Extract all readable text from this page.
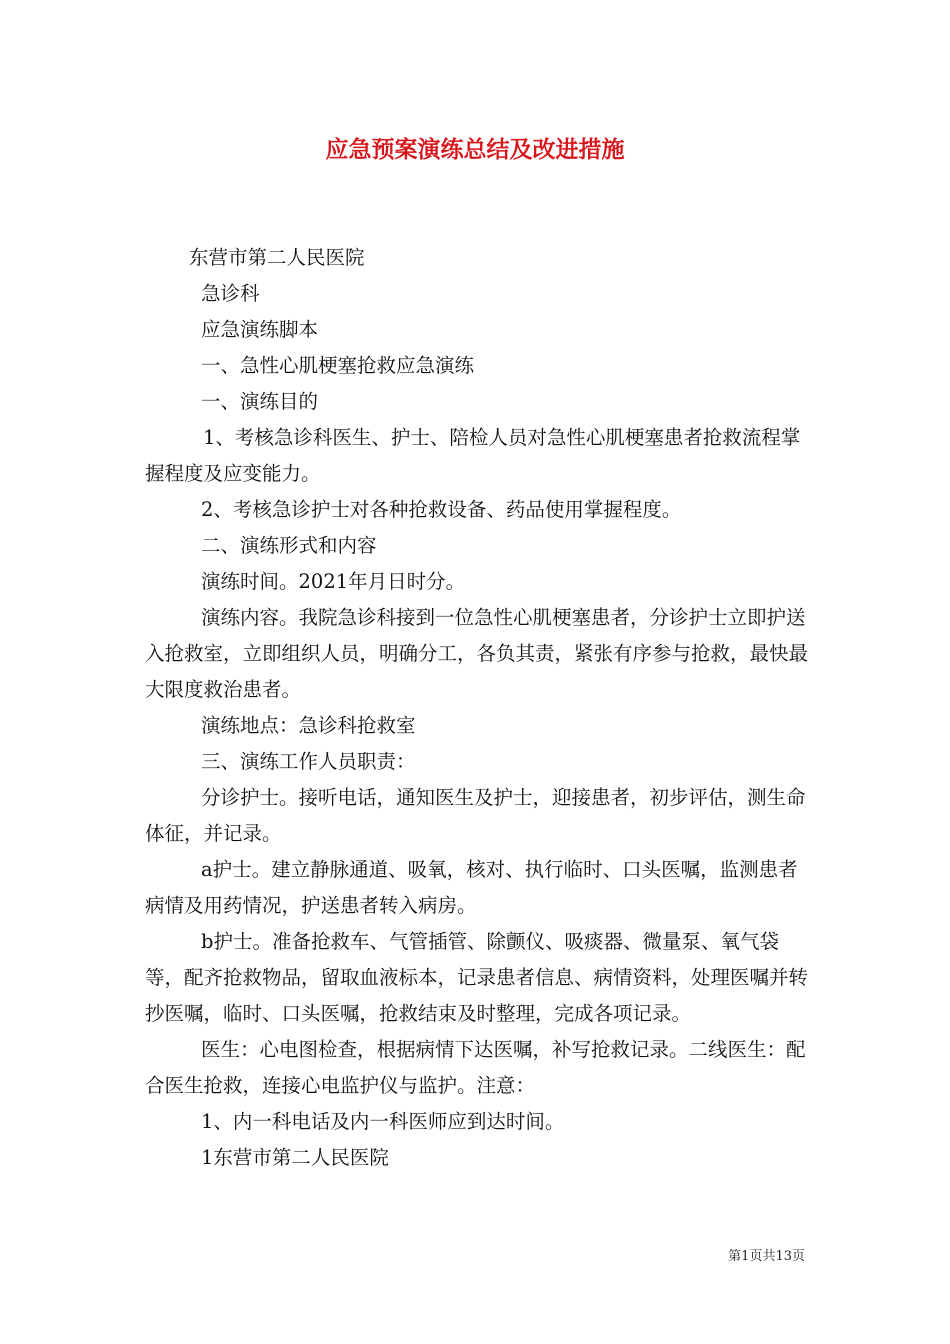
应急预案演练总结及改进措施

东营市第二人民医院

急诊科

应急演练脚本

一、急性心肌梗塞抢救应急演练

一、演练目的

1、考核急诊科医生、护士、陪检人员对急性心肌梗塞患者抢救流程掌握程度及应变能力。

2、考核急诊护士对各种抢救设备、药品使用掌握程度。

二、演练形式和内容

演练时间。2021年月日时分。

演练内容。我院急诊科接到一位急性心肌梗塞患者，分诊护士立即护送入抢救室，立即组织人员，明确分工，各负其责，紧张有序参与抢救，最快最大限度救治患者。

演练地点：急诊科抢救室

三、演练工作人员职责：

分诊护士。接听电话，通知医生及护士，迎接患者，初步评估，测生命体征，并记录。

a护士。建立静脉通道、吸氧，核对、执行临时、口头医嘱，监测患者病情及用药情况，护送患者转入病房。

b护士。准备抢救车、气管插管、除颤仪、吸痰器、微量泵、氧气袋等，配齐抢救物品，留取血液标本，记录患者信息、病情资料，处理医嘱并转抄医嘱，临时、口头医嘱，抢救结束及时整理，完成各项记录。

医生：心电图检查，根据病情下达医嘱，补写抢救记录。二线医生：配合医生抢救，连接心电监护仪与监护。注意：

1、内一科电话及内一科医师应到达时间。

1东营市第二人民医院

第1页共13页
